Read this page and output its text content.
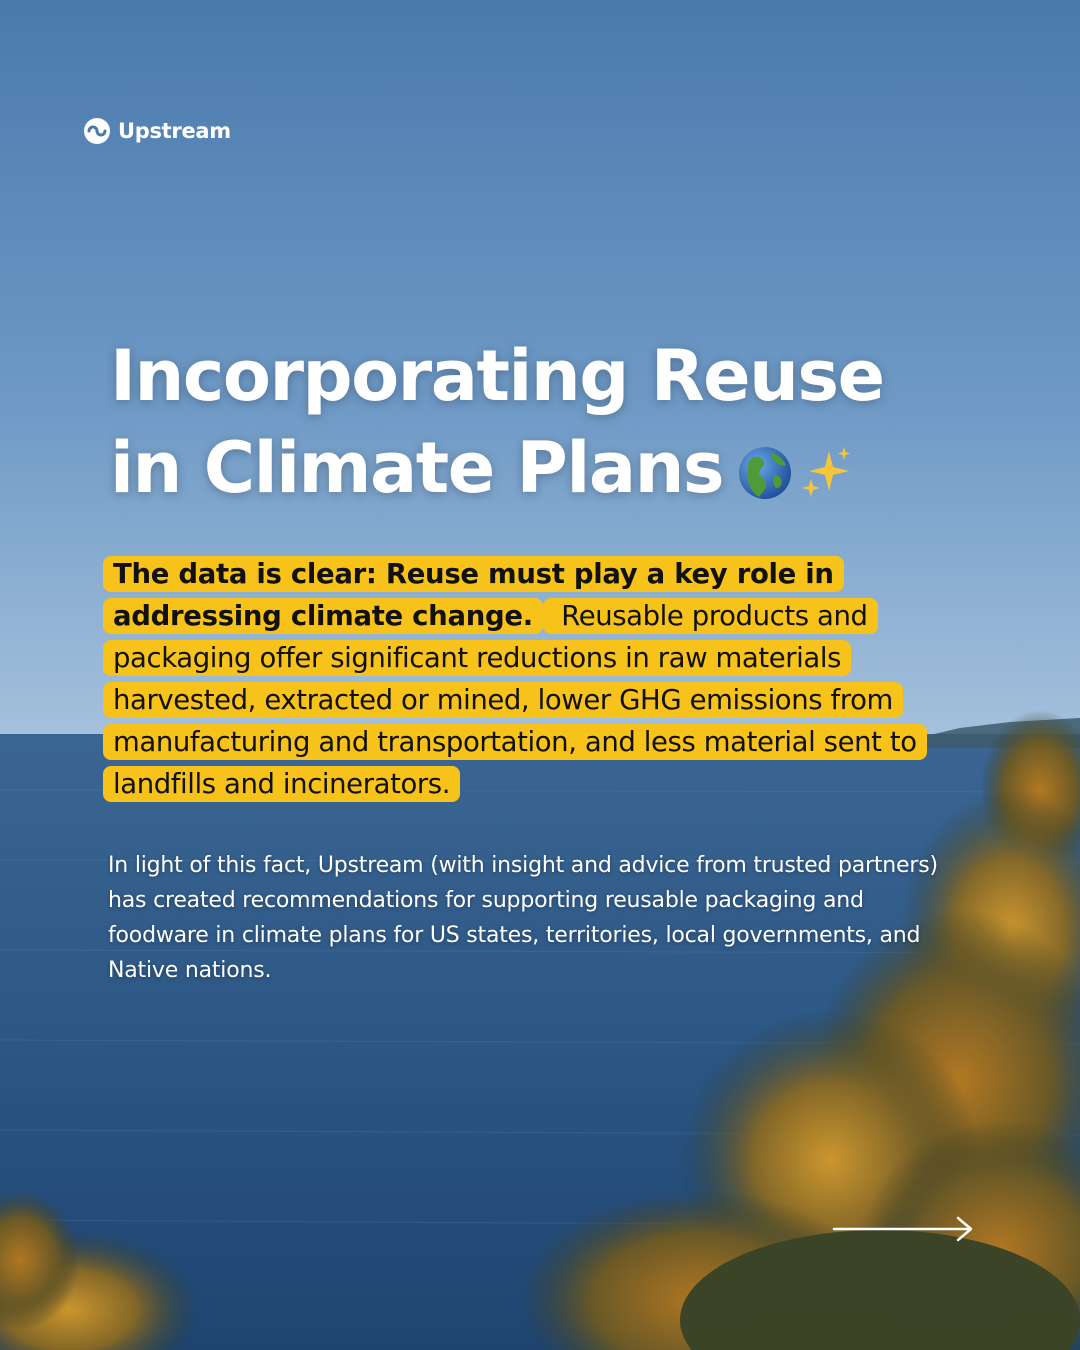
Upstream
Incorporating Reuse
in Climate Plans

The data is clear: Reuse must play a key role in addressing climate change. Reusable products and packaging offer significant reductions in raw materials harvested, extracted or mined, lower GHG emissions from manufacturing and transportation, and less material sent to landfills and incinerators.

In light of this fact, Upstream (with insight and advice from trusted partners) has created recommendations for supporting reusable packaging and foodware in climate plans for US states, territories, local governments, and Native nations.
